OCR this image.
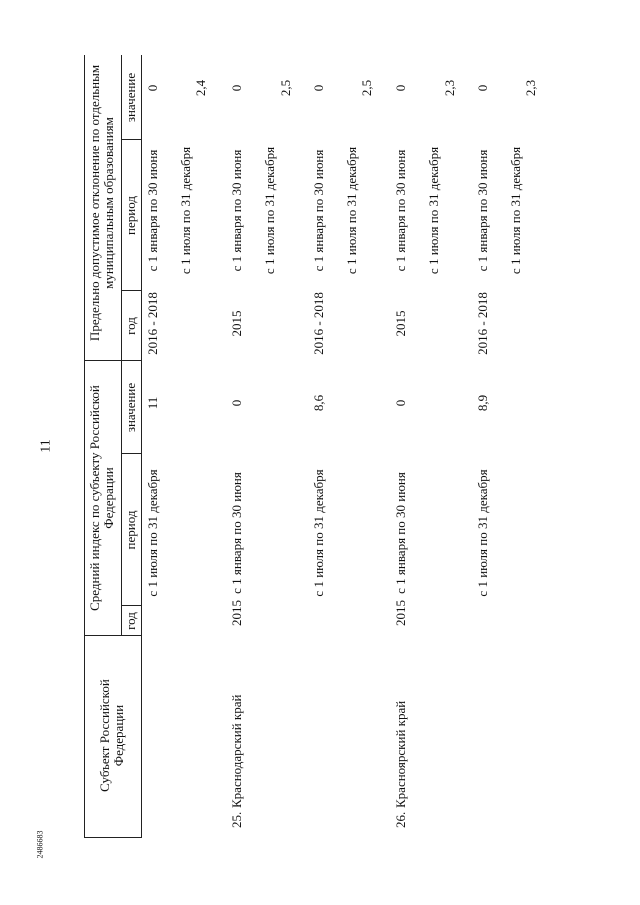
11
2486683
Субъект Российской Федерации
Средний индекс по субъекту Российской Федерации
Предельно допустимое отклонение по отдельным муниципальным образованиям
год
период
значение
год
период
значение
с 1 июля по 31 декабря
11
2016 - 2018
с 1 января по 30 июня
0
с 1 июля по 31 декабря
2,4
25.
Краснодарский край
2015
с 1 января по 30 июня
0
2015
с 1 января по 30 июня
0
с 1 июля по 31 декабря
2,5
с 1 июля по 31 декабря
8,6
2016 - 2018
с 1 января по 30 июня
0
с 1 июля по 31 декабря
2,5
26.
Красноярский край
2015
с 1 января по 30 июня
0
2015
с 1 января по 30 июня
0
с 1 июля по 31 декабря
2,3
с 1 июля по 31 декабря
8,9
2016 - 2018
с 1 января по 30 июня
0
с 1 июля по 31 декабря
2,3
